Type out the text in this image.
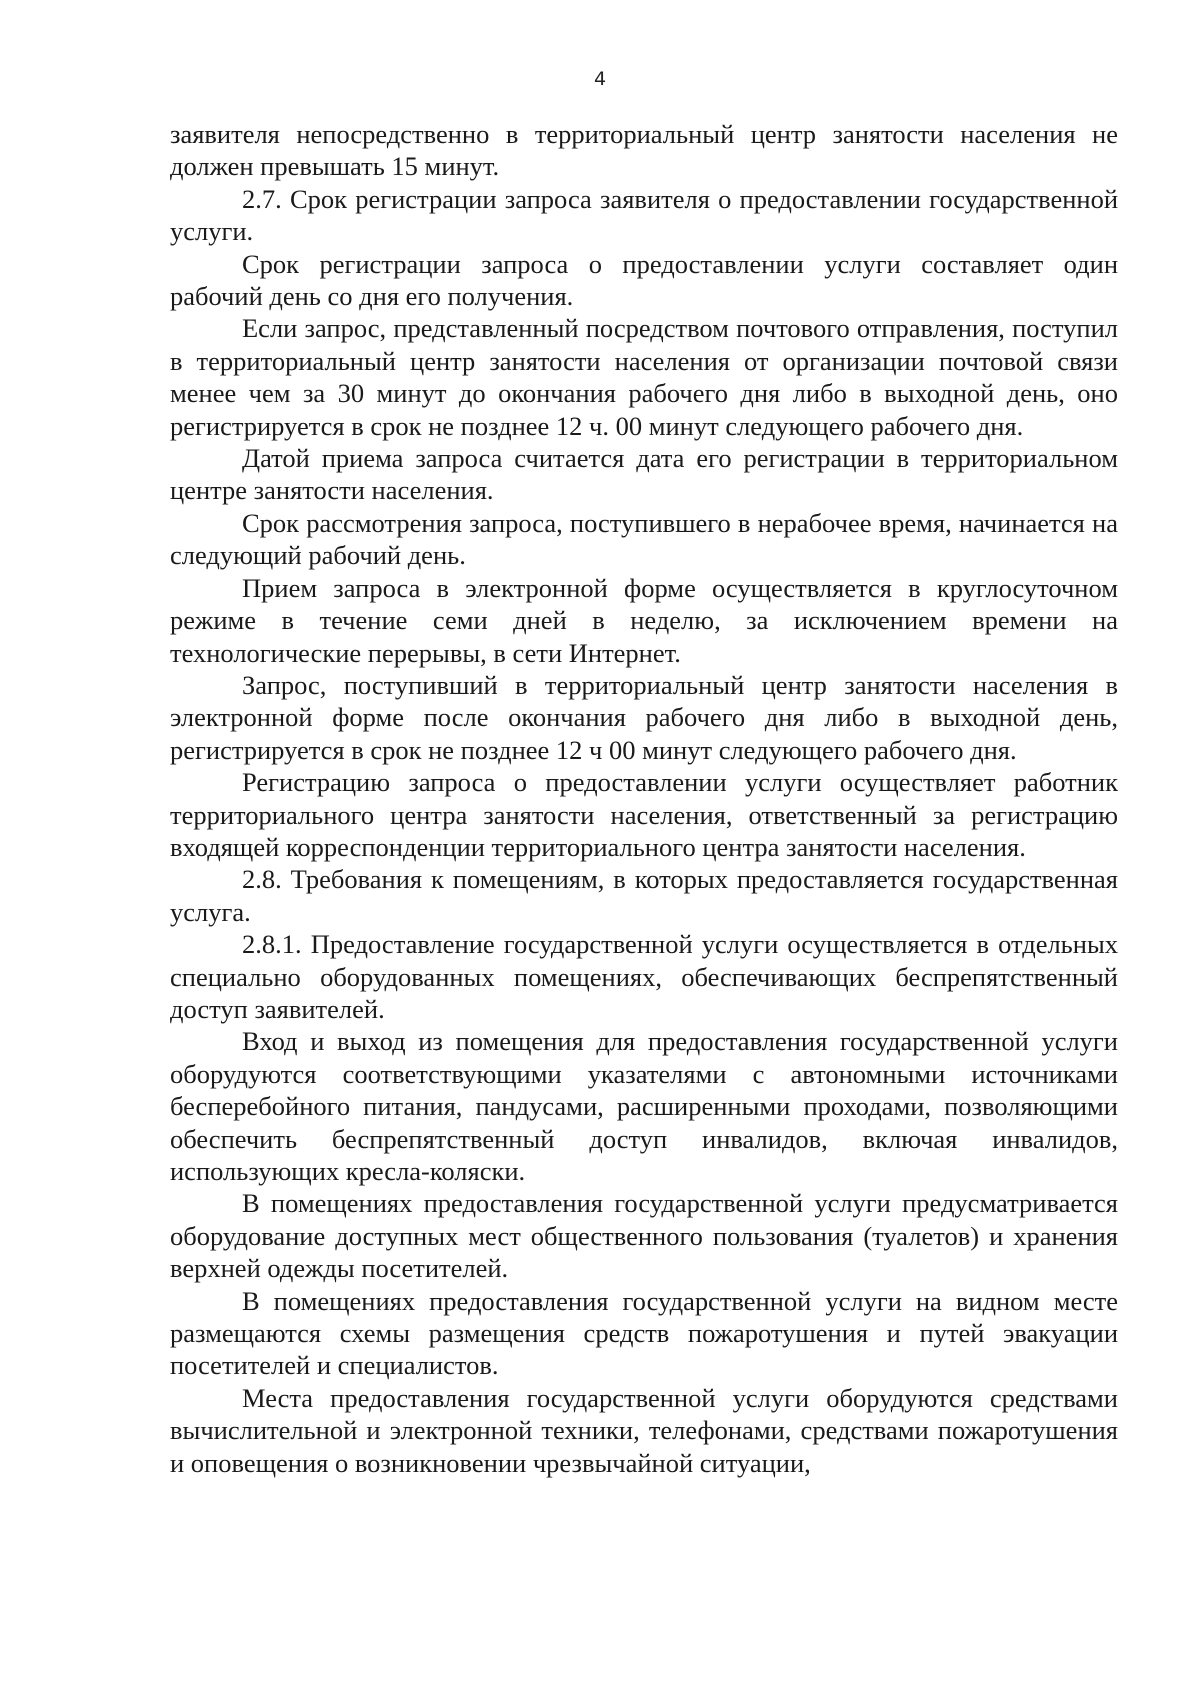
4

заявителя непосредственно в территориальный центр занятости населения не должен превышать 15 минут.

2.7. Срок регистрации запроса заявителя о предоставлении государственной услуги.

Срок регистрации запроса о предоставлении услуги составляет один рабочий день со дня его получения.

Если запрос, представленный посредством почтового отправления, поступил в территориальный центр занятости населения от организации почтовой связи менее чем за 30 минут до окончания рабочего дня либо в выходной день, оно регистрируется в срок не позднее 12 ч. 00 минут следующего рабочего дня.

Датой приема запроса считается дата его регистрации в территориальном центре занятости населения.

Срок рассмотрения запроса, поступившего в нерабочее время, начинается на следующий рабочий день.

Прием запроса в электронной форме осуществляется в круглосуточном режиме в течение семи дней в неделю, за исключением времени на технологические перерывы, в сети Интернет.

Запрос, поступивший в территориальный центр занятости населения в электронной форме после окончания рабочего дня либо в выходной день, регистрируется в срок не позднее 12 ч 00 минут следующего рабочего дня.

Регистрацию запроса о предоставлении услуги осуществляет работник территориального центра занятости населения, ответственный за регистрацию входящей корреспонденции территориального центра занятости населения.

2.8. Требования к помещениям, в которых предоставляется государственная услуга.

2.8.1. Предоставление государственной услуги осуществляется в отдельных специально оборудованных помещениях, обеспечивающих беспрепятственный доступ заявителей.

Вход и выход из помещения для предоставления государственной услуги оборудуются соответствующими указателями с автономными источниками бесперебойного питания, пандусами, расширенными проходами, позволяющими обеспечить беспрепятственный доступ инвалидов, включая инвалидов, использующих кресла-коляски.

В помещениях предоставления государственной услуги предусматривается оборудование доступных мест общественного пользования (туалетов) и хранения верхней одежды посетителей.

В помещениях предоставления государственной услуги на видном месте размещаются схемы размещения средств пожаротушения и путей эвакуации посетителей и специалистов.

Места предоставления государственной услуги оборудуются средствами вычислительной и электронной техники, телефонами, средствами пожаротушения и оповещения о возникновении чрезвычайной ситуации,
